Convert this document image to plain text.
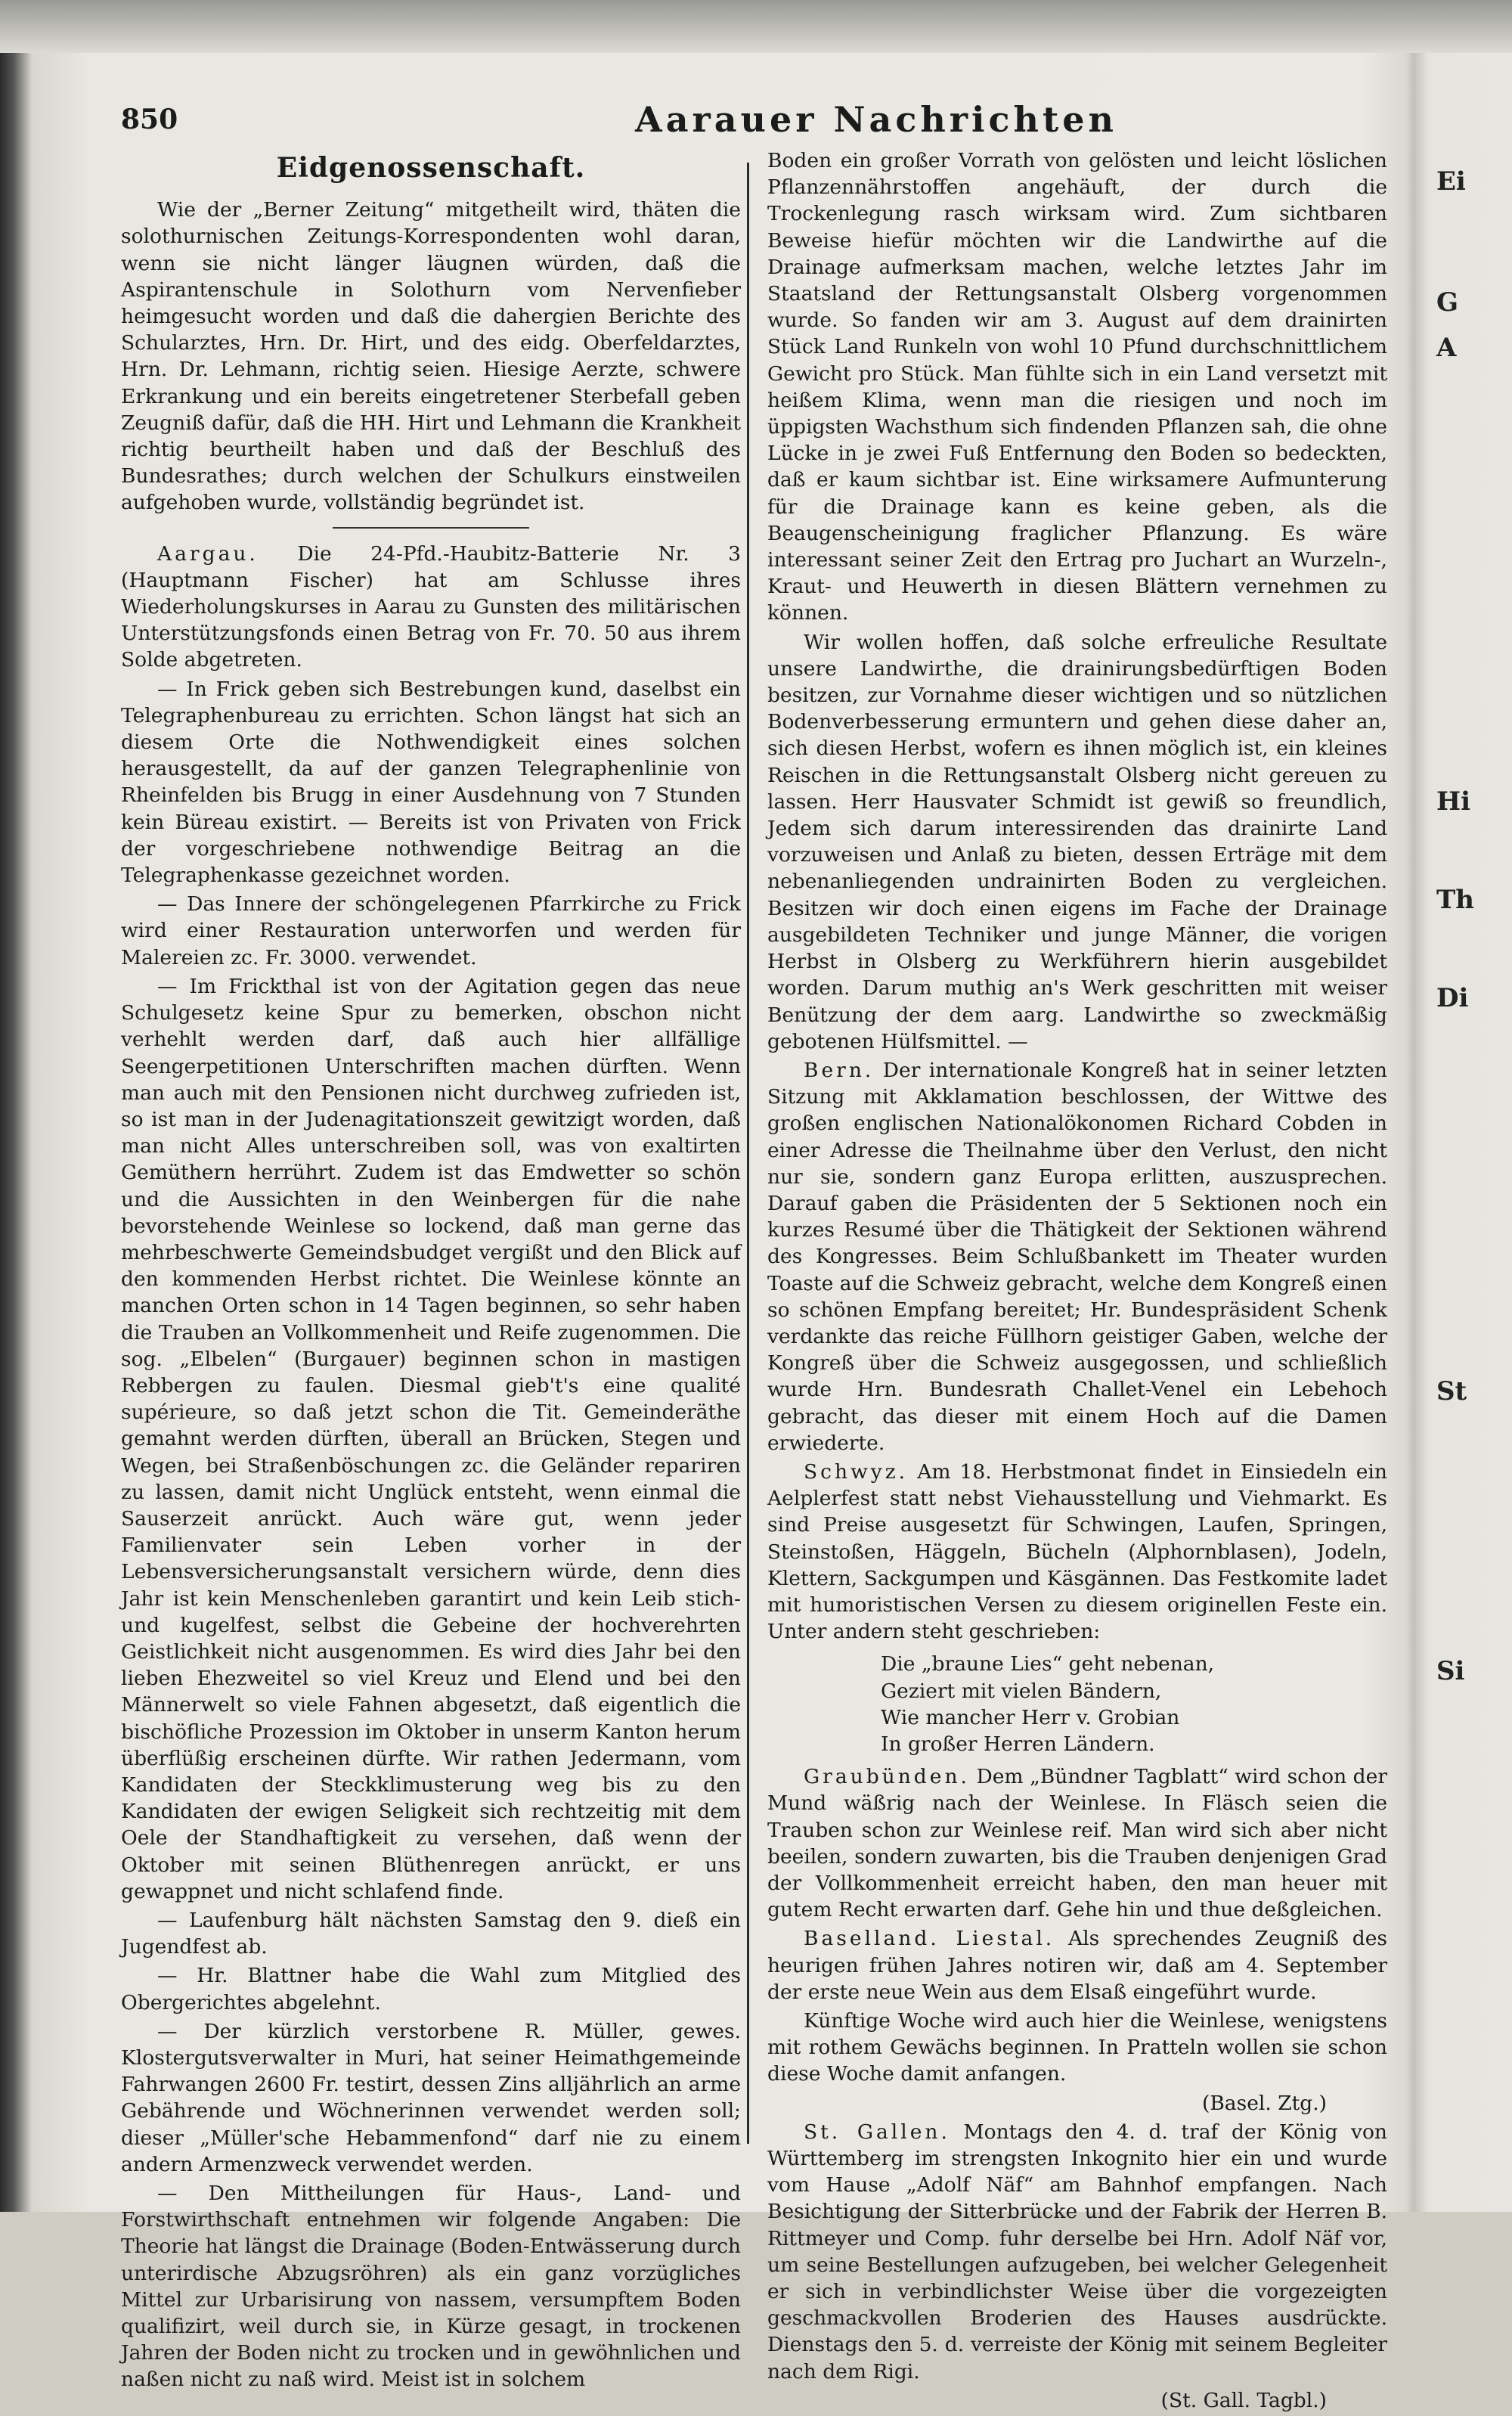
850	Aarauer Nachrichten
Eidgenossenschaft.

Wie der „Berner Zeitung“ mitgetheilt wird, thäten die solothurnischen Zeitungs-Korrespondenten wohl daran, wenn sie nicht länger läugnen würden, daß die Aspirantenschule in Solothurn vom Nervenfieber heimgesucht worden und daß die dahergien Berichte des Schularztes, Hrn. Dr. Hirt, und des eidg. Oberfeldarztes, Hrn. Dr. Lehmann, richtig seien. Hiesige Aerzte, schwere Erkrankung und ein bereits eingetretener Sterbefall geben Zeugniß dafür, daß die HH. Hirt und Lehmann die Krankheit richtig beurtheilt haben und daß der Beschluß des Bundesrathes; durch welchen der Schulkurs einstweilen aufgehoben wurde, vollständig begründet ist.

Aargau. Die 24-Pfd.-Haubitz-Batterie Nr. 3 (Hauptmann Fischer) hat am Schlusse ihres Wiederholungskurses in Aarau zu Gunsten des militärischen Unterstützungsfonds einen Betrag von Fr. 70. 50 aus ihrem Solde abgetreten.

— In Frick geben sich Bestrebungen kund, daselbst ein Telegraphenbureau zu errichten. Schon längst hat sich an diesem Orte die Nothwendigkeit eines solchen herausgestellt, da auf der ganzen Telegraphenlinie von Rheinfelden bis Brugg in einer Ausdehnung von 7 Stunden kein Büreau existirt. — Bereits ist von Privaten von Frick der vorgeschriebene nothwendige Beitrag an die Telegraphenkasse gezeichnet worden.

— Das Innere der schöngelegenen Pfarrkirche zu Frick wird einer Restauration unterworfen und werden für Malereien zc. Fr. 3000. verwendet.

— Im Frickthal ist von der Agitation gegen das neue Schulgesetz keine Spur zu bemerken, obschon nicht verhehlt werden darf, daß auch hier allfällige Seengerpetitionen Unterschriften machen dürften. Wenn man auch mit den Pensionen nicht durchweg zufrieden ist, so ist man in der Judenagitationszeit gewitzigt worden, daß man nicht Alles unterschreiben soll, was von exaltirten Gemüthern herrührt. Zudem ist das Emdwetter so schön und die Aussichten in den Weinbergen für die nahe bevorstehende Weinlese so lockend, daß man gerne das mehrbeschwerte Gemeindsbudget vergißt und den Blick auf den kommenden Herbst richtet. Die Weinlese könnte an manchen Orten schon in 14 Tagen beginnen, so sehr haben die Trauben an Vollkommenheit und Reife zugenommen. Die sog. „Elbelen“ (Burgauer) beginnen schon in mastigen Rebbergen zu faulen. Diesmal gieb't's eine qualité supérieure, so daß jetzt schon die Tit. Gemeinderäthe gemahnt werden dürften, überall an Brücken, Stegen und Wegen, bei Straßenböschungen zc. die Geländer repariren zu lassen, damit nicht Unglück entsteht, wenn einmal die Sauserzeit anrückt. Auch wäre gut, wenn jeder Familienvater sein Leben vorher in der Lebensversicherungsanstalt versichern würde, denn dies Jahr ist kein Menschenleben garantirt und kein Leib stich- und kugelfest, selbst die Gebeine der hochverehrten Geistlichkeit nicht ausgenommen. Es wird dies Jahr bei den lieben Ehezweitel so viel Kreuz und Elend und bei den Männerwelt so viele Fahnen abgesetzt, daß eigentlich die bischöfliche Prozession im Oktober in unserm Kanton herum überflüßig erscheinen dürfte. Wir rathen Jedermann, vom Kandidaten der Steckklimusterung weg bis zu den Kandidaten der ewigen Seligkeit sich rechtzeitig mit dem Oele der Standhaftigkeit zu versehen, daß wenn der Oktober mit seinen Blüthenregen anrückt, er uns gewappnet und nicht schlafend finde.

— Laufenburg hält nächsten Samstag den 9. dieß ein Jugendfest ab.

— Hr. Blattner habe die Wahl zum Mitglied des Obergerichtes abgelehnt.

— Der kürzlich verstorbene R. Müller, gewes. Klostergutsverwalter in Muri, hat seiner Heimathgemeinde Fahrwangen 2600 Fr. testirt, dessen Zins alljährlich an arme Gebährende und Wöchnerinnen verwendet werden soll; dieser „Müller'sche Hebammenfond“ darf nie zu einem andern Armenzweck verwendet werden.

— Den Mittheilungen für Haus-, Land- und Forstwirthschaft entnehmen wir folgende Angaben: Die Theorie hat längst die Drainage (Boden-Entwässerung durch unterirdische Abzugsröhren) als ein ganz vorzügliches Mittel zur Urbarisirung von nassem, versumpftem Boden qualifizirt, weil durch sie, in Kürze gesagt, in trockenen Jahren der Boden nicht zu trocken und in gewöhnlichen und naßen nicht zu naß wird. Meist ist in solchem

Boden ein großer Vorrath von gelösten und leicht löslichen Pflanzennährstoffen angehäuft, der durch die Trockenlegung rasch wirksam wird. Zum sichtbaren Beweise hiefür möchten wir die Landwirthe auf die Drainage aufmerksam machen, welche letztes Jahr im Staatsland der Rettungsanstalt Olsberg vorgenommen wurde. So fanden wir am 3. August auf dem drainirten Stück Land Runkeln von wohl 10 Pfund durchschnittlichem Gewicht pro Stück. Man fühlte sich in ein Land versetzt mit heißem Klima, wenn man die riesigen und noch im üppigsten Wachsthum sich findenden Pflanzen sah, die ohne Lücke in je zwei Fuß Entfernung den Boden so bedeckten, daß er kaum sichtbar ist. Eine wirksamere Aufmunterung für die Drainage kann es keine geben, als die Beaugenscheinigung fraglicher Pflanzung. Es wäre interessant seiner Zeit den Ertrag pro Juchart an Wurzeln-, Kraut- und Heuwerth in diesen Blättern vernehmen zu können.

Wir wollen hoffen, daß solche erfreuliche Resultate unsere Landwirthe, die drainirungsbedürftigen Boden besitzen, zur Vornahme dieser wichtigen und so nützlichen Bodenverbesserung ermuntern und gehen diese daher an, sich diesen Herbst, wofern es ihnen möglich ist, ein kleines Reischen in die Rettungsanstalt Olsberg nicht gereuen zu lassen. Herr Hausvater Schmidt ist gewiß so freundlich, Jedem sich darum interessirenden das drainirte Land vorzuweisen und Anlaß zu bieten, dessen Erträge mit dem nebenanliegenden undrainirten Boden zu vergleichen. Besitzen wir doch einen eigens im Fache der Drainage ausgebildeten Techniker und junge Männer, die vorigen Herbst in Olsberg zu Werkführern hierin ausgebildet worden. Darum muthig an's Werk geschritten mit weiser Benützung der dem aarg. Landwirthe so zweckmäßig gebotenen Hülfsmittel. —

Bern. Der internationale Kongreß hat in seiner letzten Sitzung mit Akklamation beschlossen, der Wittwe des großen englischen Nationalökonomen Richard Cobden in einer Adresse die Theilnahme über den Verlust, den nicht nur sie, sondern ganz Europa erlitten, auszusprechen. Darauf gaben die Präsidenten der 5 Sektionen noch ein kurzes Resumé über die Thätigkeit der Sektionen während des Kongresses. Beim Schlußbankett im Theater wurden Toaste auf die Schweiz gebracht, welche dem Kongreß einen so schönen Empfang bereitet; Hr. Bundespräsident Schenk verdankte das reiche Füllhorn geistiger Gaben, welche der Kongreß über die Schweiz ausgegossen, und schließlich wurde Hrn. Bundesrath Challet-Venel ein Lebehoch gebracht, das dieser mit einem Hoch auf die Damen erwiederte.

Schwyz. Am 18. Herbstmonat findet in Einsiedeln ein Aelplerfest statt nebst Viehausstellung und Viehmarkt. Es sind Preise ausgesetzt für Schwingen, Laufen, Springen, Steinstoßen, Häggeln, Bücheln (Alphornblasen), Jodeln, Klettern, Sackgumpen und Käsgännen. Das Festkomite ladet mit humoristischen Versen zu diesem originellen Feste ein. Unter andern steht geschrieben:

Die „braune Lies“ geht nebenan,
Geziert mit vielen Bändern,
Wie mancher Herr v. Grobian
In großer Herren Ländern.

Graubünden. Dem „Bündner Tagblatt“ wird schon der Mund wäßrig nach der Weinlese. In Fläsch seien die Trauben schon zur Weinlese reif. Man wird sich aber nicht beeilen, sondern zuwarten, bis die Trauben denjenigen Grad der Vollkommenheit erreicht haben, den man heuer mit gutem Recht erwarten darf. Gehe hin und thue deßgleichen.

Baselland. Liestal. Als sprechendes Zeugniß des heurigen frühen Jahres notiren wir, daß am 4. September der erste neue Wein aus dem Elsaß eingeführt wurde.

Künftige Woche wird auch hier die Weinlese, wenigstens mit rothem Gewächs beginnen. In Pratteln wollen sie schon diese Woche damit anfangen.

(Basel. Ztg.)

St. Gallen. Montags den 4. d. traf der König von Württemberg im strengsten Inkognito hier ein und wurde vom Hause „Adolf Näf“ am Bahnhof empfangen. Nach Besichtigung der Sitterbrücke und der Fabrik der Herren B. Rittmeyer und Comp. fuhr derselbe bei Hrn. Adolf Näf vor, um seine Bestellungen aufzugeben, bei welcher Gelegenheit er sich in verbindlichster Weise über die vorgezeigten geschmackvollen Broderien des Hauses ausdrückte. Dienstags den 5. d. verreiste der König mit seinem Begleiter nach dem Rigi.

(St. Gall. Tagbl.)

Ei
G
A
Th
Di
Hi
St
Si
